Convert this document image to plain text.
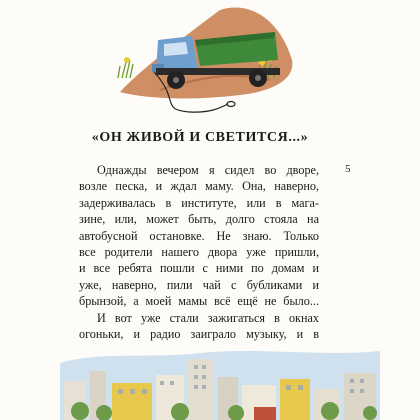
«ОН ЖИВОЙ И СВЕТИТСЯ...»

5

Однажды вечером я сидел во дворе,
возле песка, и ждал маму. Она, наверно,
задерживалась в институте, или в мага-
зине, или, может быть, долго стояла на
автобусной остановке. Не знаю. Только
все родители нашего двора уже пришли,
и все ребята пошли с ними по домам и
уже, наверно, пили чай с бубликами и
брынзой, а моей мамы всё ещё не было...
И вот уже стали зажигаться в окнах
огоньки, и радио заиграло музыку, и в
